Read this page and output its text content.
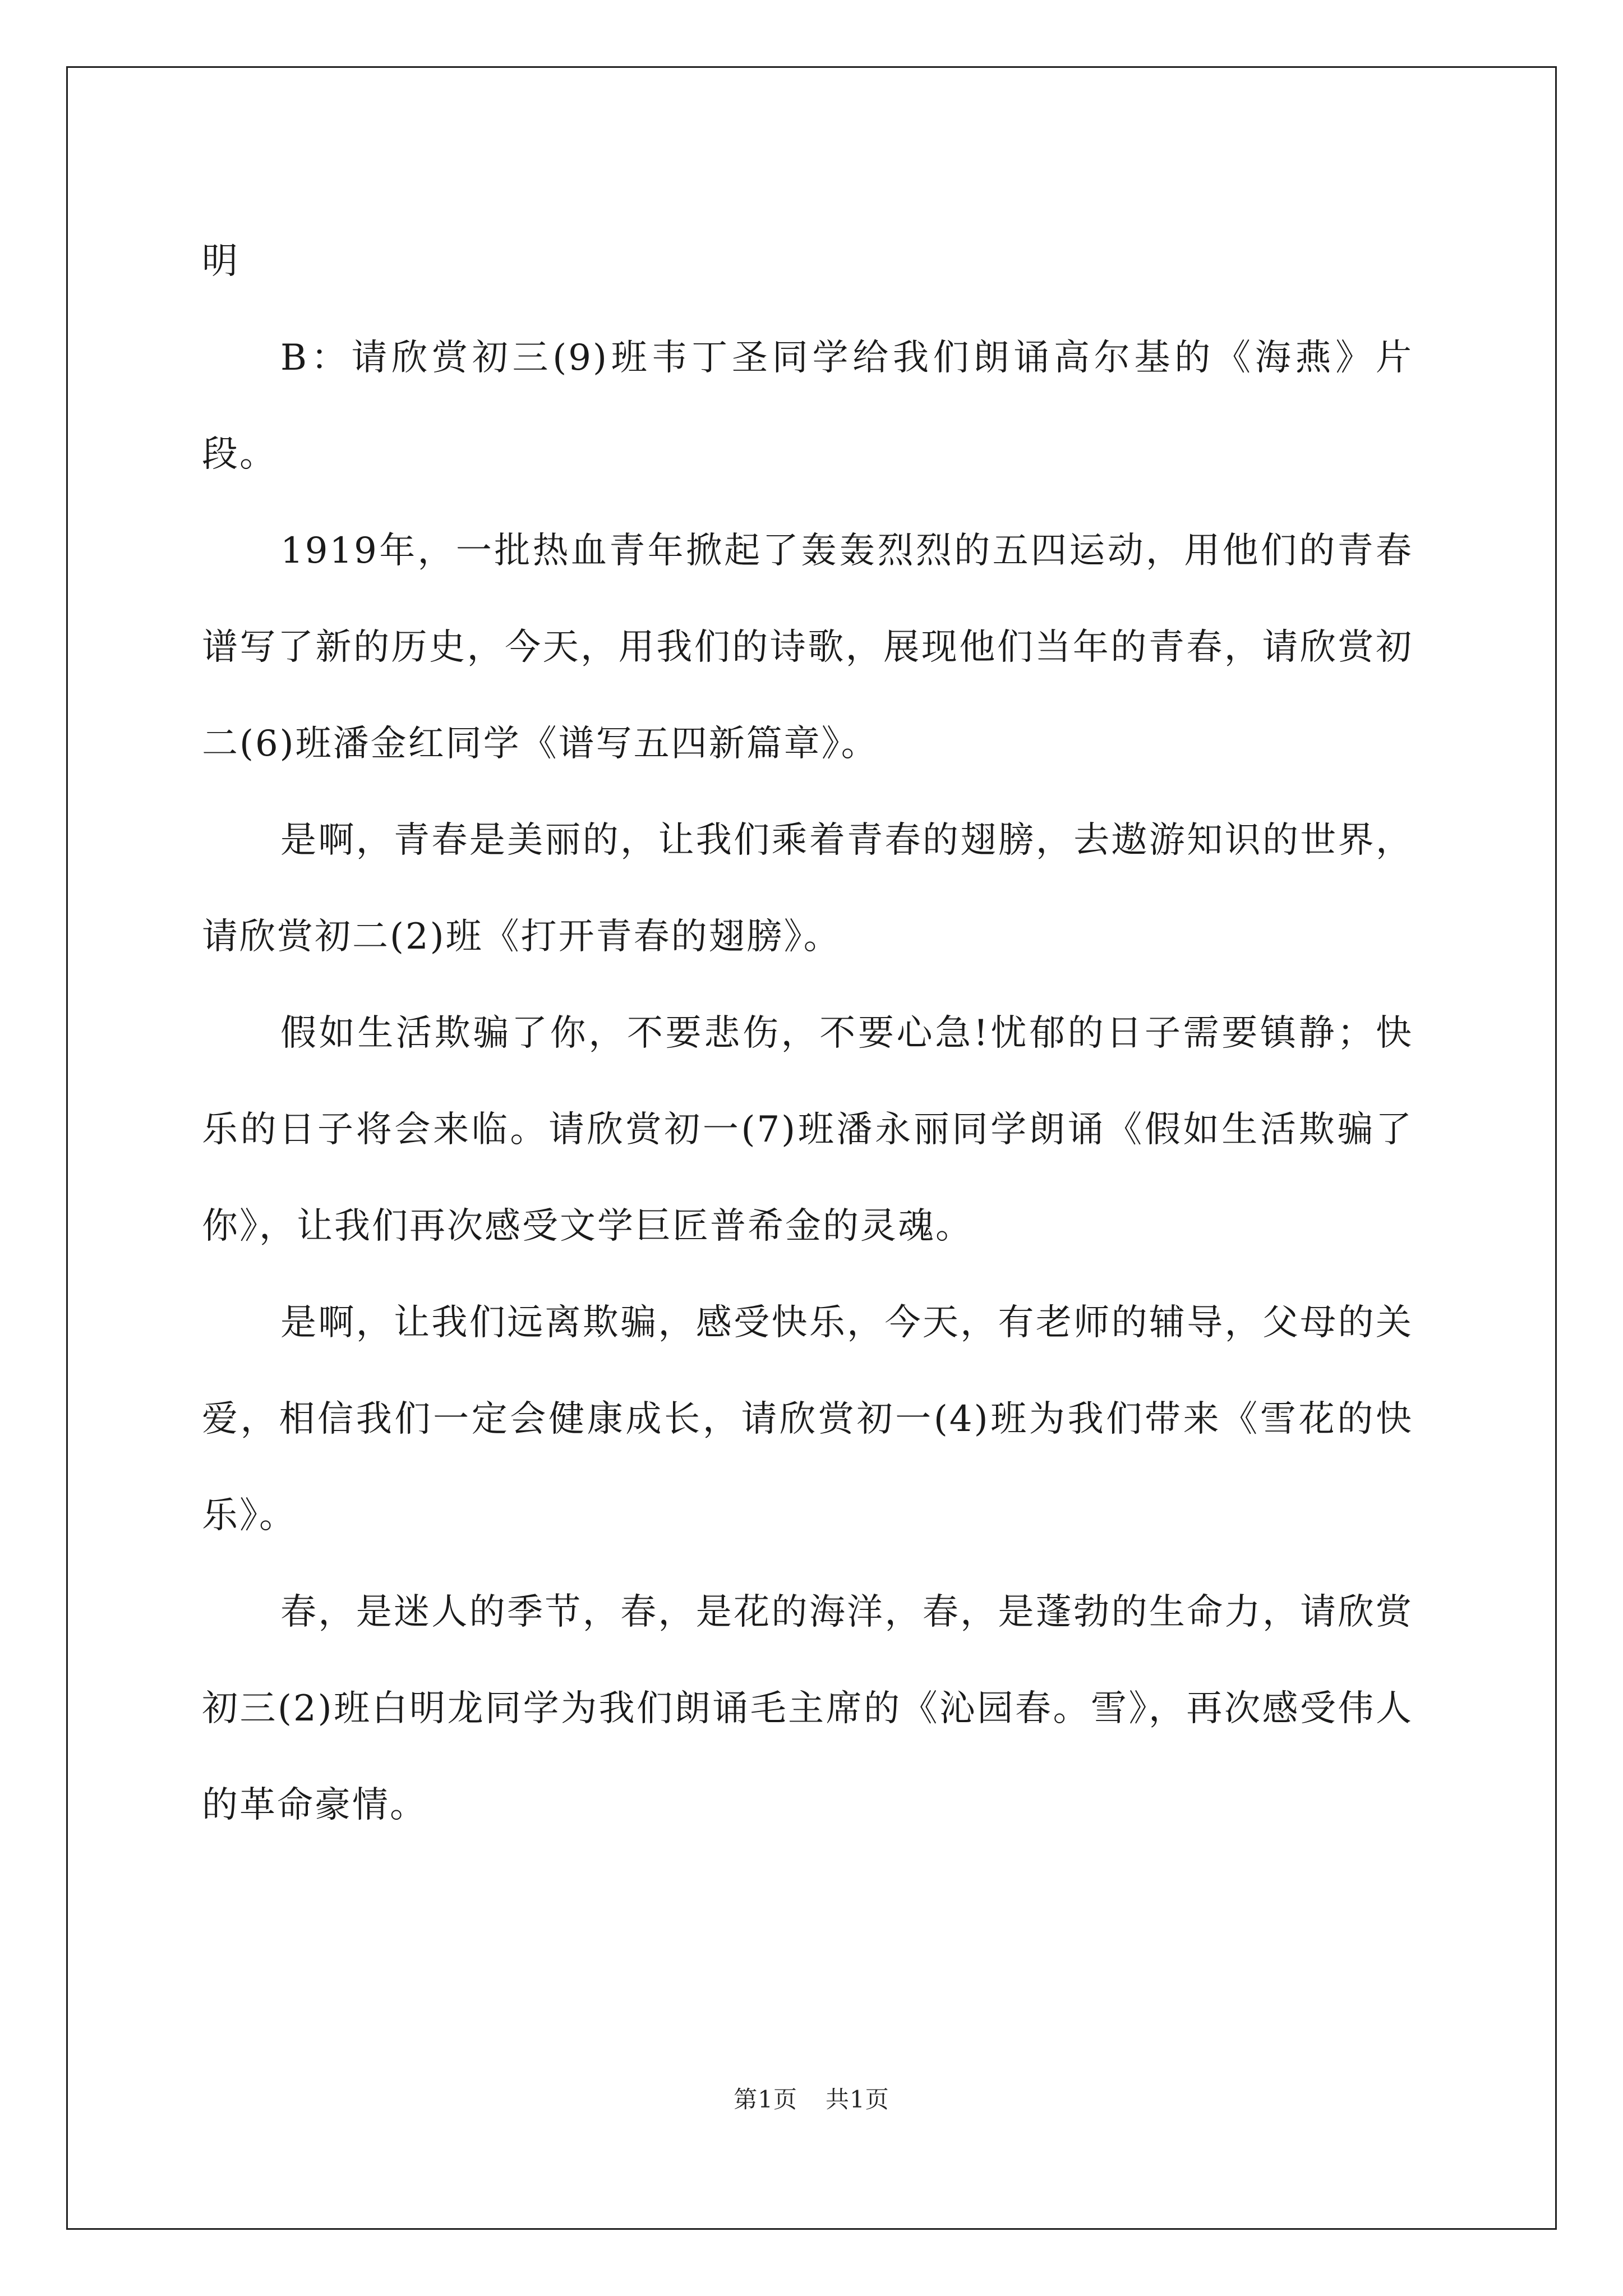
明

B：请欣赏初三(9)班韦丁圣同学给我们朗诵高尔基的《海燕》片段。

1919年，一批热血青年掀起了轰轰烈烈的五四运动，用他们的青春谱写了新的历史，今天，用我们的诗歌，展现他们当年的青春，请欣赏初二(6)班潘金红同学《谱写五四新篇章》。

是啊，青春是美丽的，让我们乘着青春的翅膀，去遨游知识的世界，请欣赏初二(2)班《打开青春的翅膀》。

假如生活欺骗了你，不要悲伤，不要心急!忧郁的日子需要镇静；快乐的日子将会来临。请欣赏初一(7)班潘永丽同学朗诵《假如生活欺骗了你》，让我们再次感受文学巨匠普希金的灵魂。

是啊，让我们远离欺骗，感受快乐，今天，有老师的辅导，父母的关爱，相信我们一定会健康成长，请欣赏初一(4)班为我们带来《雪花的快乐》。

春，是迷人的季节，春，是花的海洋，春，是蓬勃的生命力，请欣赏初三(2)班白明龙同学为我们朗诵毛主席的《沁园春。雪》，再次感受伟人的革命豪情。

第1页 共1页
